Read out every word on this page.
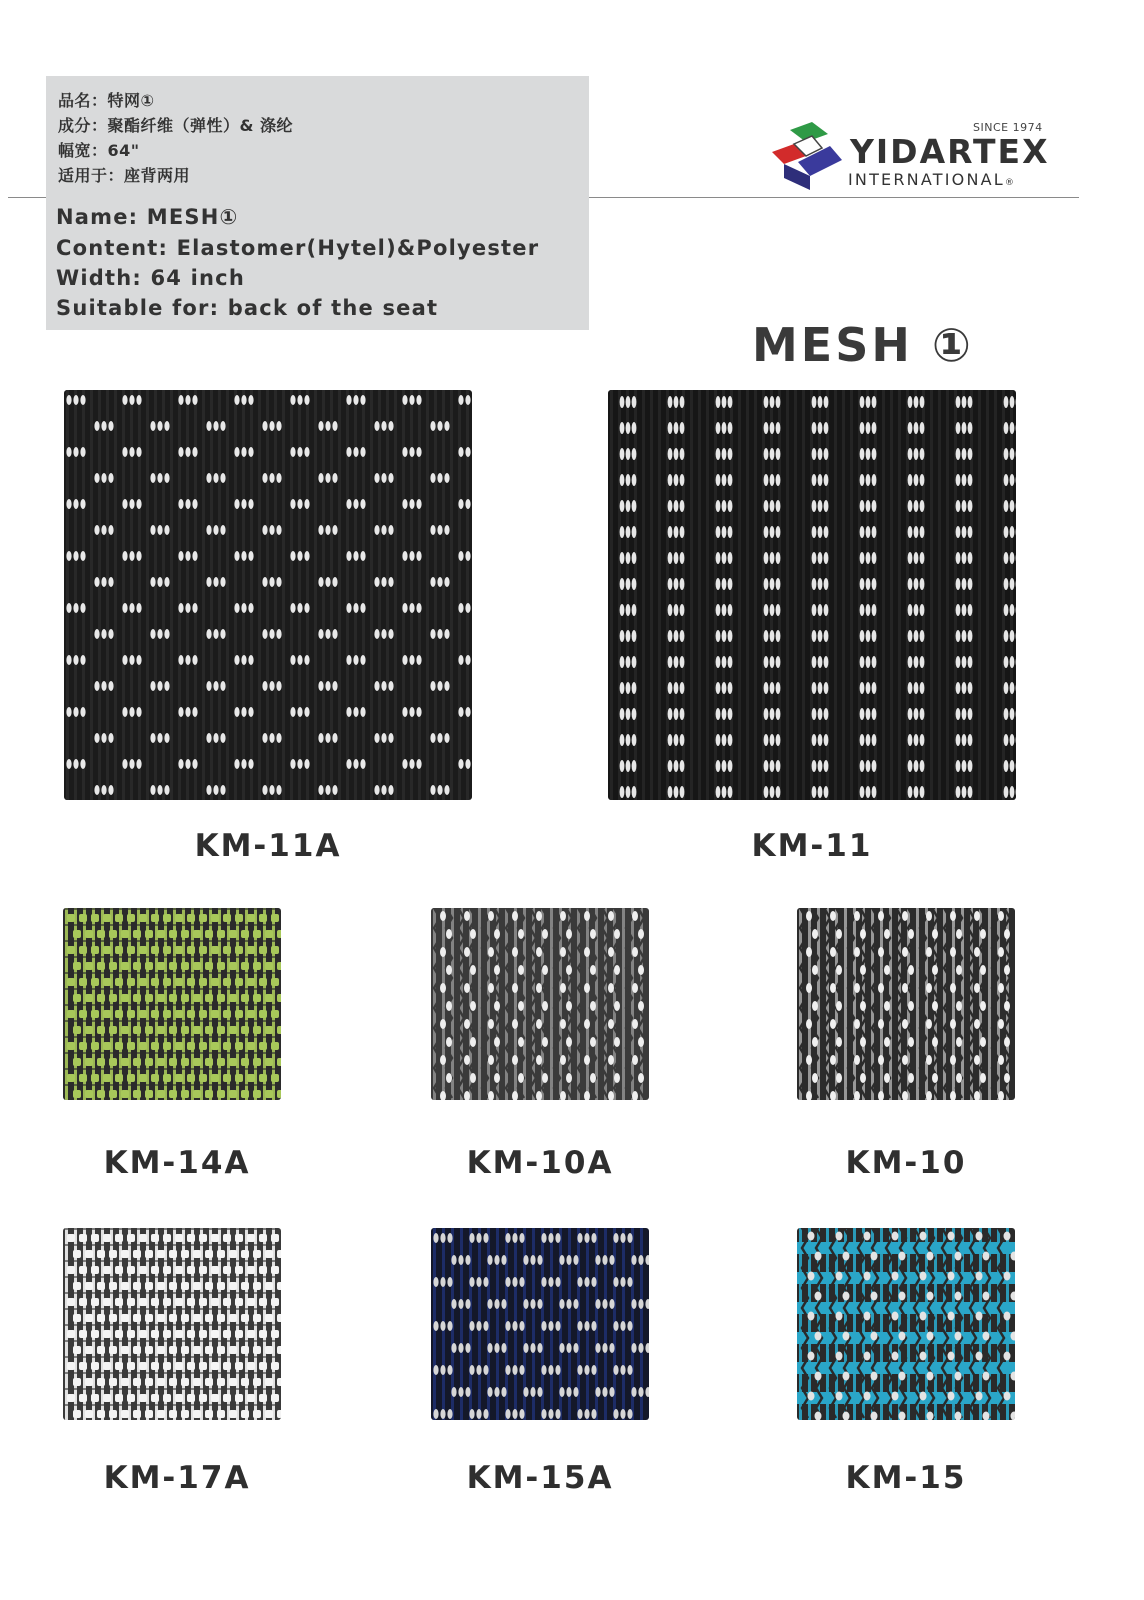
品名：特网①
成分：聚酯纤维（弹性）& 涤纶
幅宽：64"
适用于：座背两用
Name: MESH①
Content: Elastomer(Hytel)&Polyester
Width: 64 inch
Suitable for: back of the seat
SINCE 1974
YIDARTEX
INTERNATIONAL®
MESH ①
KM-11A	KM-11
KM-14A	KM-10A	KM-10
KM-17A	KM-15A	KM-15
